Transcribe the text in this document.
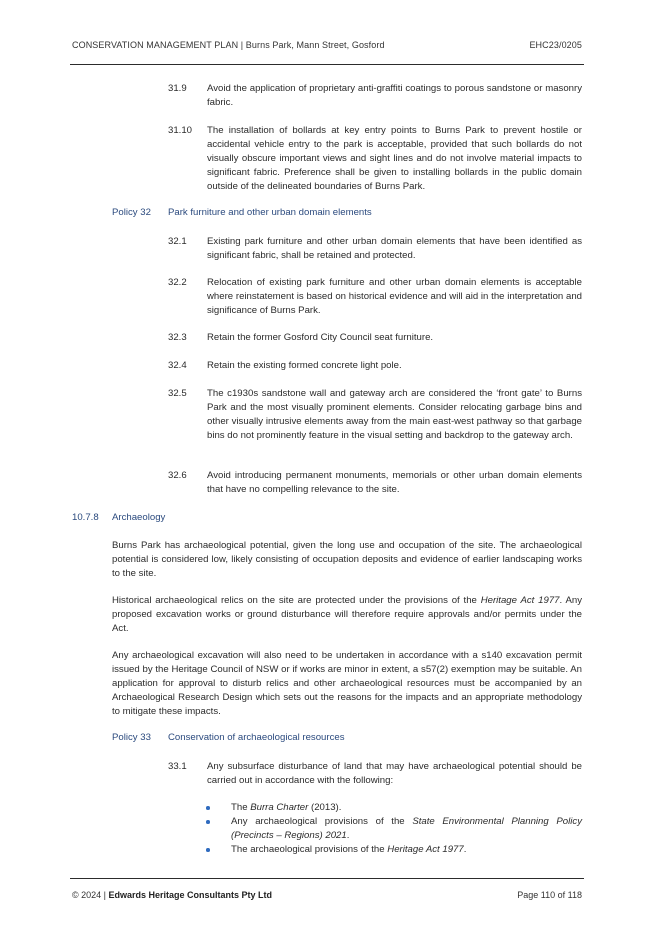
CONSERVATION MANAGEMENT PLAN | Burns Park, Mann Street, Gosford	EHC23/0205
31.9 Avoid the application of proprietary anti-graffiti coatings to porous sandstone or masonry fabric.
31.10 The installation of bollards at key entry points to Burns Park to prevent hostile or accidental vehicle entry to the park is acceptable, provided that such bollards do not visually obscure important views and sight lines and do not involve material impacts to significant fabric. Preference shall be given to installing bollards in the public domain outside of the delineated boundaries of Burns Park.
Policy 32 Park furniture and other urban domain elements
32.1 Existing park furniture and other urban domain elements that have been identified as significant fabric, shall be retained and protected.
32.2 Relocation of existing park furniture and other urban domain elements is acceptable where reinstatement is based on historical evidence and will aid in the interpretation and significance of Burns Park.
32.3 Retain the former Gosford City Council seat furniture.
32.4 Retain the existing formed concrete light pole.
32.5 The c1930s sandstone wall and gateway arch are considered the ‘front gate’ to Burns Park and the most visually prominent elements. Consider relocating garbage bins and other visually intrusive elements away from the main east-west pathway so that garbage bins do not prominently feature in the visual setting and backdrop to the gateway arch.
32.6 Avoid introducing permanent monuments, memorials or other urban domain elements that have no compelling relevance to the site.
10.7.8 Archaeology
Burns Park has archaeological potential, given the long use and occupation of the site. The archaeological potential is considered low, likely consisting of occupation deposits and evidence of earlier landscaping works to the site.
Historical archaeological relics on the site are protected under the provisions of the Heritage Act 1977. Any proposed excavation works or ground disturbance will therefore require approvals and/or permits under the Act.
Any archaeological excavation will also need to be undertaken in accordance with a s140 excavation permit issued by the Heritage Council of NSW or if works are minor in extent, a s57(2) exemption may be suitable. An application for approval to disturb relics and other archaeological resources must be accompanied by an Archaeological Research Design which sets out the reasons for the impacts and an appropriate methodology to mitigate these impacts.
Policy 33 Conservation of archaeological resources
33.1 Any subsurface disturbance of land that may have archaeological potential should be carried out in accordance with the following:
The Burra Charter (2013).
Any archaeological provisions of the State Environmental Planning Policy (Precincts – Regions) 2021.
The archaeological provisions of the Heritage Act 1977.
© 2024 | Edwards Heritage Consultants Pty Ltd	Page 110 of 118
